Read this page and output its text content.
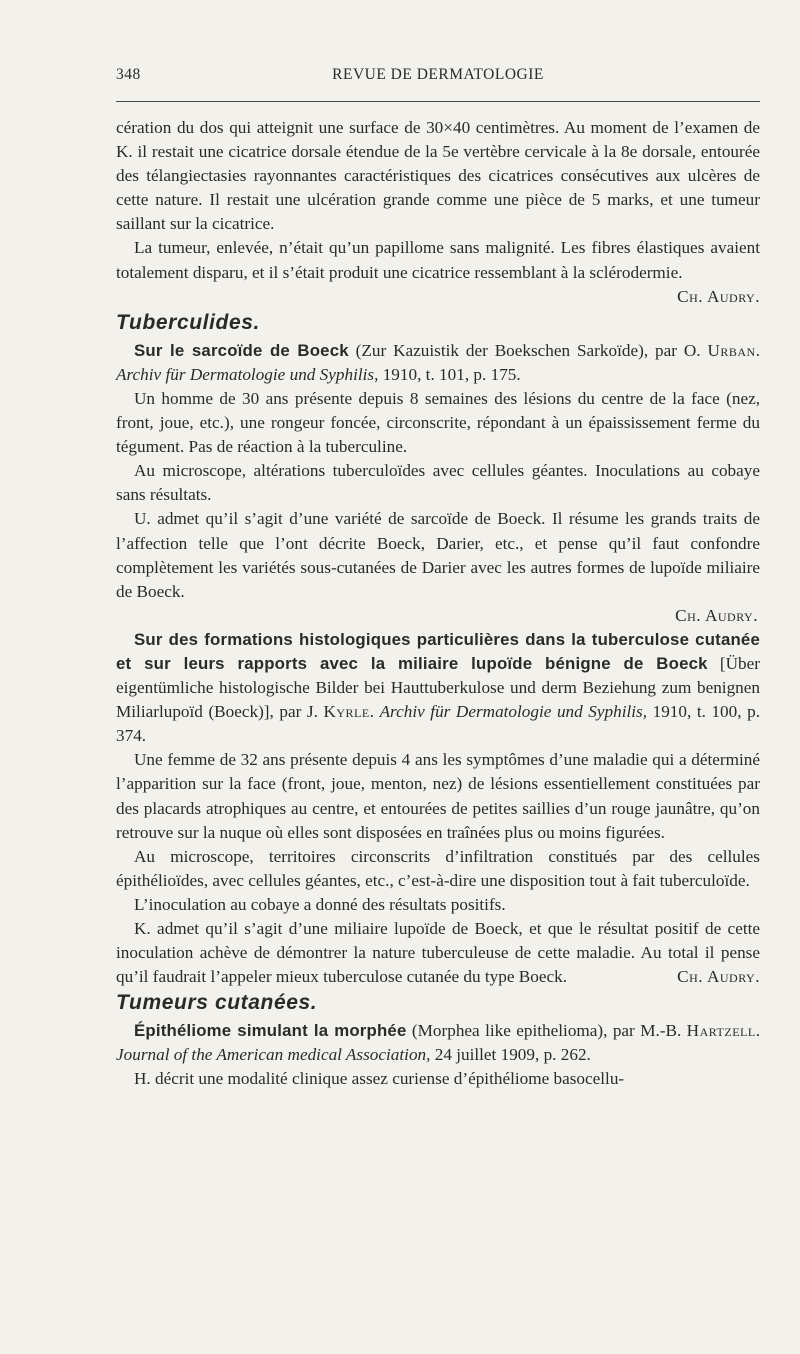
348	REVUE DE DERMATOLOGIE

cération du dos qui atteignit une surface de 30×40 centimètres. Au moment de l’examen de K. il restait une cicatrice dorsale étendue de la 5e vertèbre cervicale à la 8e dorsale, entourée des télangiectasies rayonnantes caractéristiques des cicatrices consécutives aux ulcères de cette nature. Il restait une ulcération grande comme une pièce de 5 marks, et une tumeur saillant sur la cicatrice.

La tumeur, enlevée, n’était qu’un papillome sans malignité. Les fibres élastiques avaient totalement disparu, et il s’était produit une cicatrice ressemblant à la sclérodermie.
Ch. Audry.

Tuberculides.

Sur le sarcoïde de Boeck (Zur Kazuistik der Boekschen Sarkoïde), par O. Urban. Archiv für Dermatologie und Syphilis, 1910, t. 101, p. 175.

Un homme de 30 ans présente depuis 8 semaines des lésions du centre de la face (nez, front, joue, etc.), une rongeur foncée, circonscrite, répondant à un épaississement ferme du tégument. Pas de réaction à la tuberculine.

Au microscope, altérations tuberculoïdes avec cellules géantes. Inoculations au cobaye sans résultats.

U. admet qu’il s’agit d’une variété de sarcoïde de Boeck. Il résume les grands traits de l’affection telle que l’ont décrite Boeck, Darier, etc., et pense qu’il faut confondre complètement les variétés sous-cutanées de Darier avec les autres formes de lupoïde miliaire de Boeck.

Ch. Audry.

Sur des formations histologiques particulières dans la tuberculose cutanée et sur leurs rapports avec la miliaire lupoïde bénigne de Boeck [Über eigentümliche histologische Bilder bei Hauttuberkulose und derm Beziehung zum benignen Miliarlupoïd (Boeck)], par J. Kyrle. Archiv für Dermatologie und Syphilis, 1910, t. 100, p. 374.

Une femme de 32 ans présente depuis 4 ans les symptômes d’une maladie qui a déterminé l’apparition sur la face (front, joue, menton, nez) de lésions essentiellement constituées par des placards atrophiques au centre, et entourées de petites saillies d’un rouge jaunâtre, qu’on retrouve sur la nuque où elles sont disposées en traînées plus ou moins figurées.

Au microscope, territoires circonscrits d’infiltration constitués par des cellules épithélioïdes, avec cellules géantes, etc., c’est-à-dire une disposition tout à fait tuberculoïde.

L’inoculation au cobaye a donné des résultats positifs.

K. admet qu’il s’agit d’une miliaire lupoïde de Boeck, et que le résultat positif de cette inoculation achève de démontrer la nature tuberculeuse de cette maladie. Au total il pense qu’il faudrait l’appeler mieux tuberculose cutanée du type Boeck.	Ch. Audry.

Tumeurs cutanées.

Épithéliome simulant la morphée (Morphea like epithelioma), par M.-B. Hartzell. Journal of the American medical Association, 24 juillet 1909, p. 262.

H. décrit une modalité clinique assez curiense d’épithéliome basocellu-
